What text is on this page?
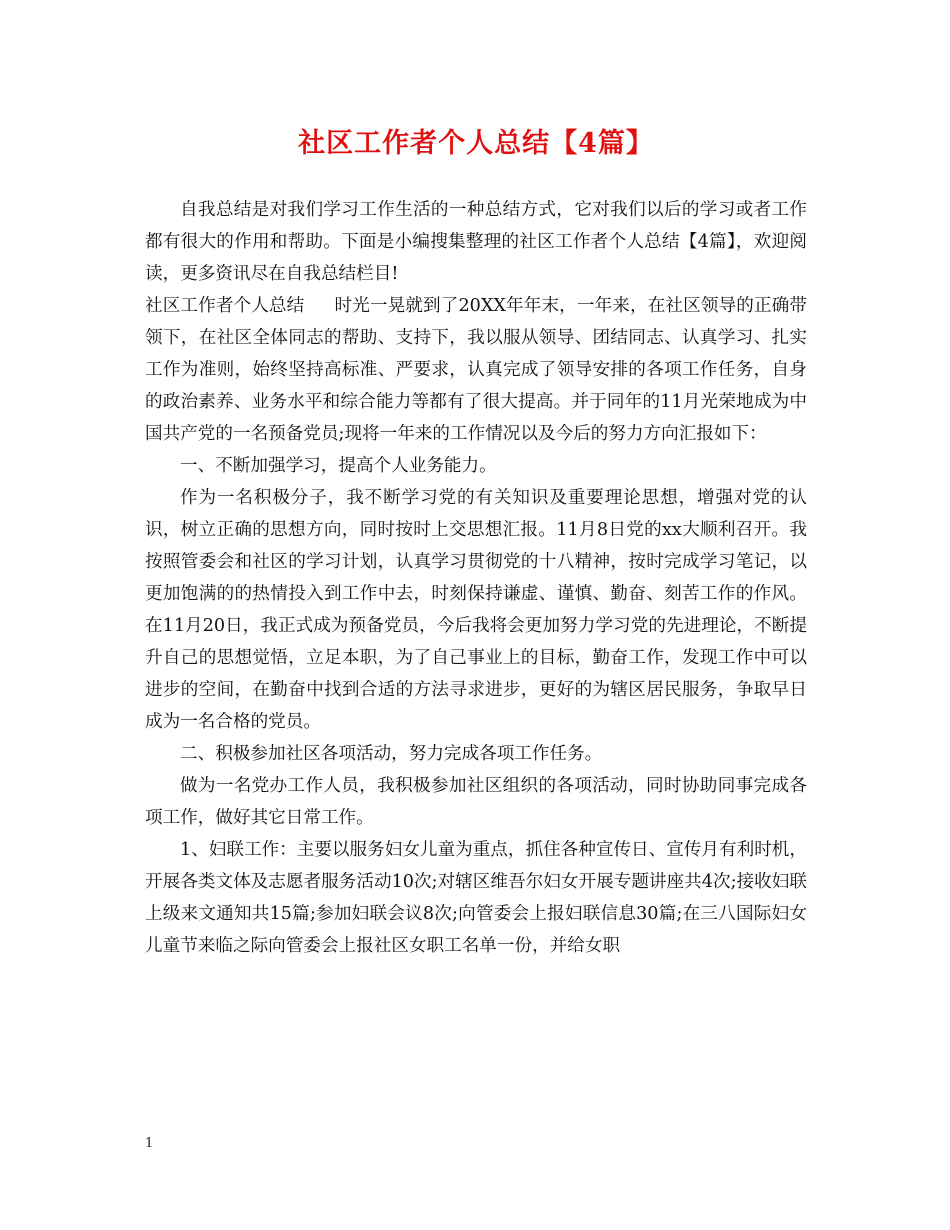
社区工作者个人总结【4篇】

自我总结是对我们学习工作生活的一种总结方式，它对我们以后的学习或者工作都有很大的作用和帮助。下面是小编搜集整理的社区工作者个人总结【4篇】，欢迎阅读，更多资讯尽在自我总结栏目!

社区工作者个人总结 时光一晃就到了20XX年年末，一年来，在社区领导的正确带领下，在社区全体同志的帮助、支持下，我以服从领导、团结同志、认真学习、扎实工作为准则，始终坚持高标准、严要求，认真完成了领导安排的各项工作任务，自身的政治素养、业务水平和综合能力等都有了很大提高。并于同年的11月光荣地成为中国共产党的一名预备党员;现将一年来的工作情况以及今后的努力方向汇报如下：

一、不断加强学习，提高个人业务能力。

作为一名积极分子，我不断学习党的有关知识及重要理论思想，增强对党的认识，树立正确的思想方向，同时按时上交思想汇报。11月8日党的xx大顺利召开。我按照管委会和社区的学习计划，认真学习贯彻党的十八精神，按时完成学习笔记，以更加饱满的的热情投入到工作中去，时刻保持谦虚、谨慎、勤奋、刻苦工作的作风。在11月20日，我正式成为预备党员，今后我将会更加努力学习党的先进理论，不断提升自己的思想觉悟，立足本职，为了自己事业上的目标，勤奋工作，发现工作中可以进步的空间，在勤奋中找到合适的方法寻求进步，更好的为辖区居民服务，争取早日成为一名合格的党员。

二、积极参加社区各项活动，努力完成各项工作任务。

做为一名党办工作人员，我积极参加社区组织的各项活动，同时协助同事完成各项工作，做好其它日常工作。

1、妇联工作：主要以服务妇女儿童为重点，抓住各种宣传日、宣传月有利时机，开展各类文体及志愿者服务活动10次;对辖区维吾尔妇女开展专题讲座共4次;接收妇联上级来文通知共15篇;参加妇联会议8次;向管委会上报妇联信息30篇;在三八国际妇女儿童节来临之际向管委会上报社区女职工名单一份，并给女职

1
